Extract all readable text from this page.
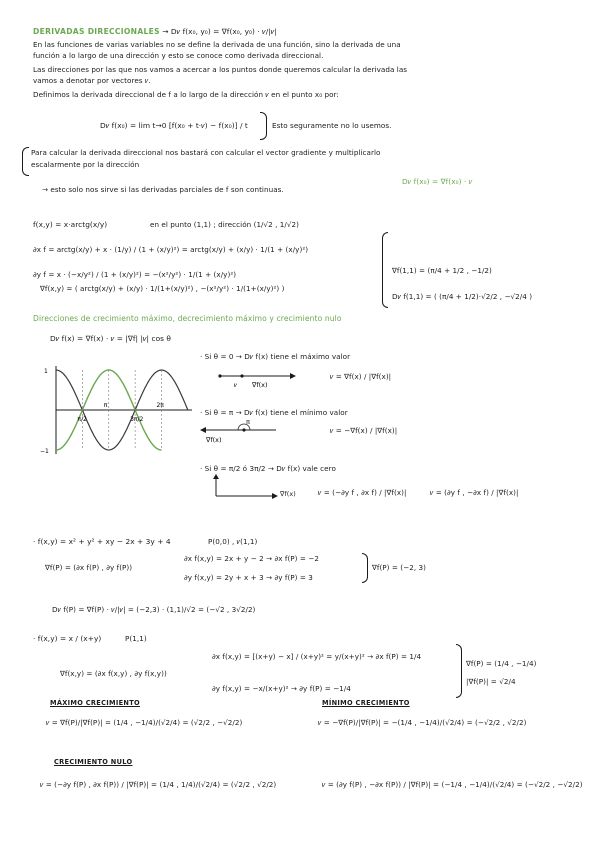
DERIVADAS DIRECCIONALES → D𝑣 f(x₀, y₀) = ∇f(x₀, y₀) · 𝑣/|𝑣|
En las funciones de varias variables no se define la derivada de una función, sino la derivada de una
función a lo largo de una dirección y esto se conoce como derivada direccional.
Las direcciones por las que nos vamos a acercar a los puntos donde queremos calcular la derivada las
vamos a denotar por vectores 𝑣.
Definimos la derivada direccional de f a lo largo de la dirección 𝑣 en el punto x₀ por:
D𝑣 f(x₀) = lim t→0 [f(x₀ + t·𝑣) − f(x₀)] / t	Esto seguramente no lo usemos.
Para calcular la derivada direccional nos bastará con calcular el vector gradiente y multiplicarlo
escalarmente por la dirección
D𝑣 f(x₀) = ∇f(x₀) · 𝑣
→ esto solo nos sirve si las derivadas parciales de f son continuas.
f(x,y) = x·arctg(x/y)	en el punto (1,1) ; dirección (1/√2 , 1/√2)
∂x f = arctg(x/y) + x · (1/y) / (1 + (x/y)²) = arctg(x/y) + (x/y) · 1/(1 + (x/y)²)
∂y f = x · (−x/y²) / (1 + (x/y)²) = −(x²/y²) · 1/(1 + (x/y)²)
∇f(x,y) = ( arctg(x/y) + (x/y) · 1/(1+(x/y)²) , −(x²/y²) · 1/(1+(x/y)²) )
∇f(1,1) = (π/4 + 1/2 , −1/2)
D𝑣 f(1,1) = ( (π/4 + 1/2)·√2/2 , −√2/4 )
Direcciones de crecimiento máximo, decrecimiento máximo y crecimiento nulo
D𝑣 f(x) = ∇f(x) · 𝑣 = |∇f| |𝑣| cos θ
π/2
π
3π/2
2π
1
−1
· Si θ = 0 → D𝑣 f(x) tiene el máximo valor
𝑣 ∇f(x)
𝑣 = ∇f(x) / |∇f(x)|
· Si θ = π → D𝑣 f(x) tiene el mínimo valor
π
∇f(x)
𝑣 = −∇f(x) / |∇f(x)|
· Si θ = π/2 ó 3π/2 → D𝑣 f(x) vale cero
∇f(x)	𝑣 = (−∂y f , ∂x f) / |∇f(x)|	𝑣 = (∂y f , −∂x f) / |∇f(x)|
· f(x,y) = x² + y² + xy − 2x + 3y + 4	P(0,0) , 𝑣(1,1)
∇f(P) = (∂x f(P) , ∂y f(P))
∂x f(x,y) = 2x + y − 2 → ∂x f(P) = −2
∂y f(x,y) = 2y + x + 3 → ∂y f(P) = 3
∇f(P) = (−2, 3)
D𝑣 f(P) = ∇f(P) · 𝑣/|𝑣| = (−2,3) · (1,1)/√2 = (−√2 , 3√2/2)
· f(x,y) = x / (x+y)	P(1,1)
∇f(x,y) = (∂x f(x,y) , ∂y f(x,y))
∂x f(x,y) = [(x+y) − x] / (x+y)² = y/(x+y)² → ∂x f(P) = 1/4
∂y f(x,y) = −x/(x+y)² → ∂y f(P) = −1/4
∇f(P) = (1/4 , −1/4)
|∇f(P)| = √2/4
MÁXIMO CRECIMIENTO
𝑣 = ∇f(P)/|∇f(P)| = (1/4 , −1/4)/(√2/4) = (√2/2 , −√2/2)
MÍNIMO CRECIMIENTO
𝑣 = −∇f(P)/|∇f(P)| = −(1/4 , −1/4)/(√2/4) = (−√2/2 , √2/2)
CRECIMIENTO NULO
𝑣 = (−∂y f(P) , ∂x f(P)) / |∇f(P)| = (1/4 , 1/4)/(√2/4) = (√2/2 , √2/2)	𝑣 = (∂y f(P) , −∂x f(P)) / |∇f(P)| = (−1/4 , −1/4)/(√2/4) = (−√2/2 , −√2/2)
